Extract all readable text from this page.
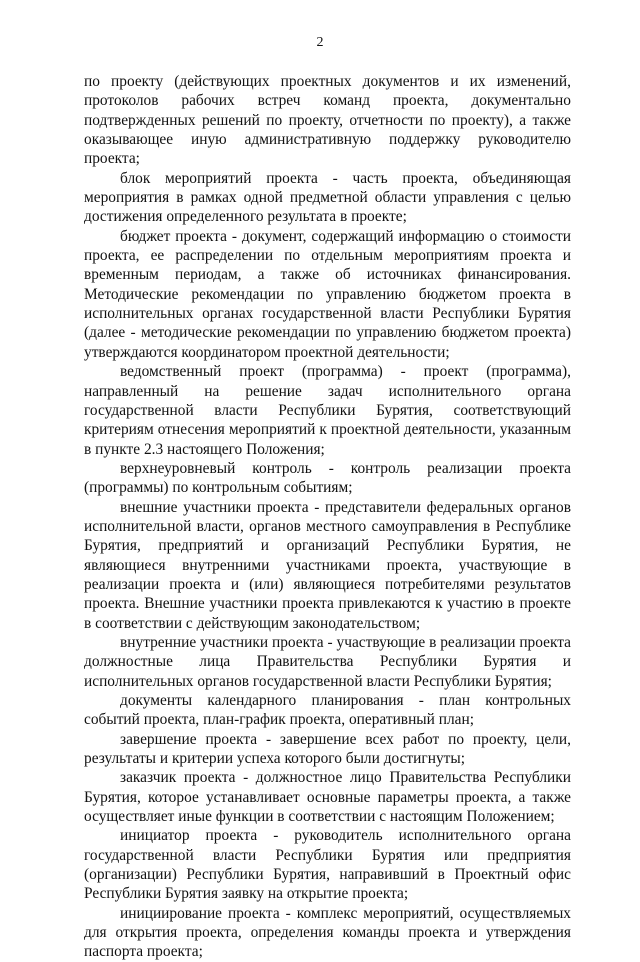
2

по проекту (действующих проектных документов и их изменений, протоколов рабочих встреч команд проекта, документально подтвержденных решений по проекту, отчетности по проекту), а также оказывающее иную административную поддержку руководителю проекта;

блок мероприятий проекта - часть проекта, объединяющая мероприятия в рамках одной предметной области управления с целью достижения определенного результата в проекте;

бюджет проекта - документ, содержащий информацию о стоимости проекта, ее распределении по отдельным мероприятиям проекта и временным периодам, а также об источниках финансирования. Методические рекомендации по управлению бюджетом проекта в исполнительных органах государственной власти Республики Бурятия (далее - методические рекомендации по управлению бюджетом проекта) утверждаются координатором проектной деятельности;

ведомственный проект (программа) - проект (программа), направленный на решение задач исполнительного органа государственной власти Республики Бурятия, соответствующий критериям отнесения мероприятий к проектной деятельности, указанным в пункте 2.3 настоящего Положения;

верхнеуровневый контроль - контроль реализации проекта (программы) по контрольным событиям;

внешние участники проекта - представители федеральных органов исполнительной власти, органов местного самоуправления в Республике Бурятия, предприятий и организаций Республики Бурятия, не являющиеся внутренними участниками проекта, участвующие в реализации проекта и (или) являющиеся потребителями результатов проекта. Внешние участники проекта привлекаются к участию в проекте в соответствии с действующим законодательством;

внутренние участники проекта - участвующие в реализации проекта должностные лица Правительства Республики Бурятия и исполнительных органов государственной власти Республики Бурятия;

документы календарного планирования - план контрольных событий проекта, план-график проекта, оперативный план;

завершение проекта - завершение всех работ по проекту, цели, результаты и критерии успеха которого были достигнуты;

заказчик проекта - должностное лицо Правительства Республики Бурятия, которое устанавливает основные параметры проекта, а также осуществляет иные функции в соответствии с настоящим Положением;

инициатор проекта - руководитель исполнительного органа государственной власти Республики Бурятия или предприятия (организации) Республики Бурятия, направивший в Проектный офис Республики Бурятия заявку на открытие проекта;

инициирование проекта - комплекс мероприятий, осуществляемых для открытия проекта, определения команды проекта и утверждения паспорта проекта;
